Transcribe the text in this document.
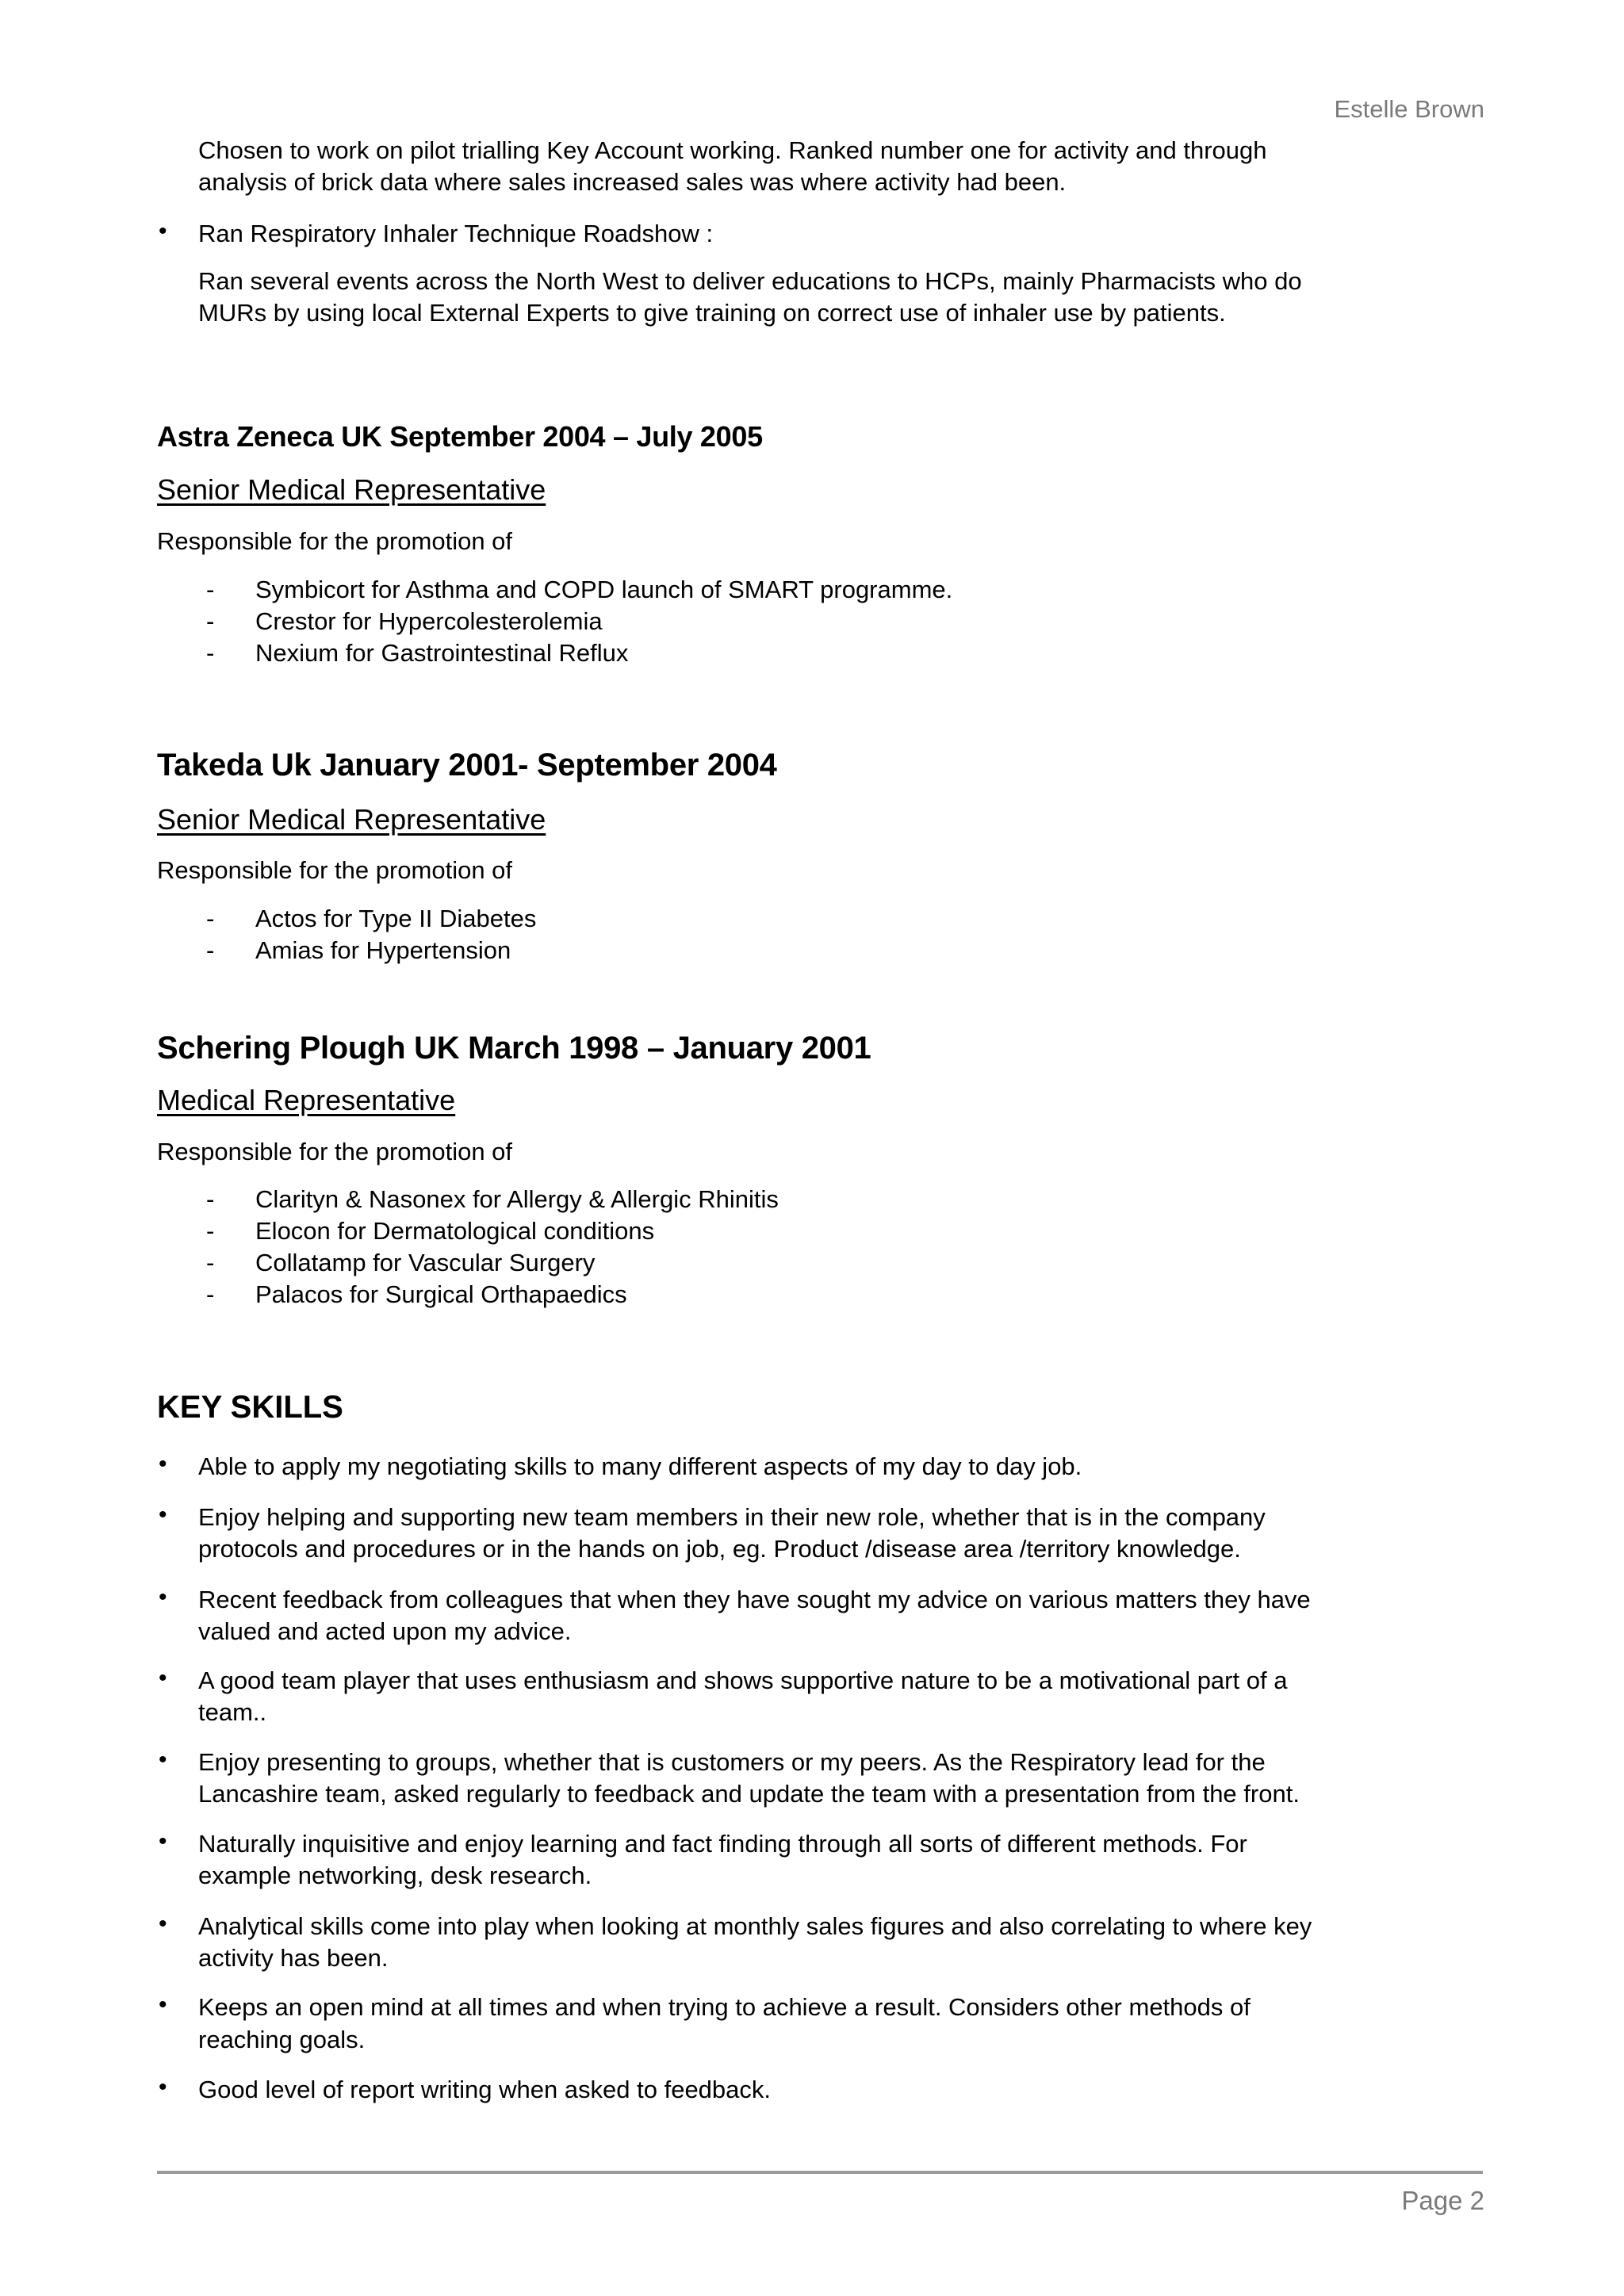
Estelle Brown
Chosen to work on pilot trialling Key Account working. Ranked number one for activity and through
analysis of brick data where sales increased sales was where activity had been.
• Ran Respiratory Inhaler Technique Roadshow :
Ran several events across the North West to deliver educations to HCPs, mainly Pharmacists who do
MURs by using local External Experts to give training on correct use of inhaler use by patients.
Astra Zeneca UK September 2004 – July 2005
Senior Medical Representative
Responsible for the promotion of
- Symbicort for Asthma and COPD launch of SMART programme.
- Crestor for Hypercolesterolemia
- Nexium for Gastrointestinal Reflux
Takeda Uk January 2001- September 2004
Senior Medical Representative
Responsible for the promotion of
- Actos for Type II Diabetes
- Amias for Hypertension
Schering Plough UK March 1998 – January 2001
Medical Representative
Responsible for the promotion of
- Clarityn & Nasonex for Allergy & Allergic Rhinitis
- Elocon for Dermatological conditions
- Collatamp for Vascular Surgery
- Palacos for Surgical Orthapaedics
KEY SKILLS
• Able to apply my negotiating skills to many different aspects of my day to day job.
• Enjoy helping and supporting new team members in their new role, whether that is in the company
protocols and procedures or in the hands on job, eg. Product /disease area /territory knowledge.
• Recent feedback from colleagues that when they have sought my advice on various matters they have
valued and acted upon my advice.
• A good team player that uses enthusiasm and shows supportive nature to be a motivational part of a
team..
• Enjoy presenting to groups, whether that is customers or my peers. As the Respiratory lead for the
Lancashire team, asked regularly to feedback and update the team with a presentation from the front.
• Naturally inquisitive and enjoy learning and fact finding through all sorts of different methods. For
example networking, desk research.
• Analytical skills come into play when looking at monthly sales figures and also correlating to where key
activity has been.
• Keeps an open mind at all times and when trying to achieve a result. Considers other methods of
reaching goals.
• Good level of report writing when asked to feedback.
Page 2
